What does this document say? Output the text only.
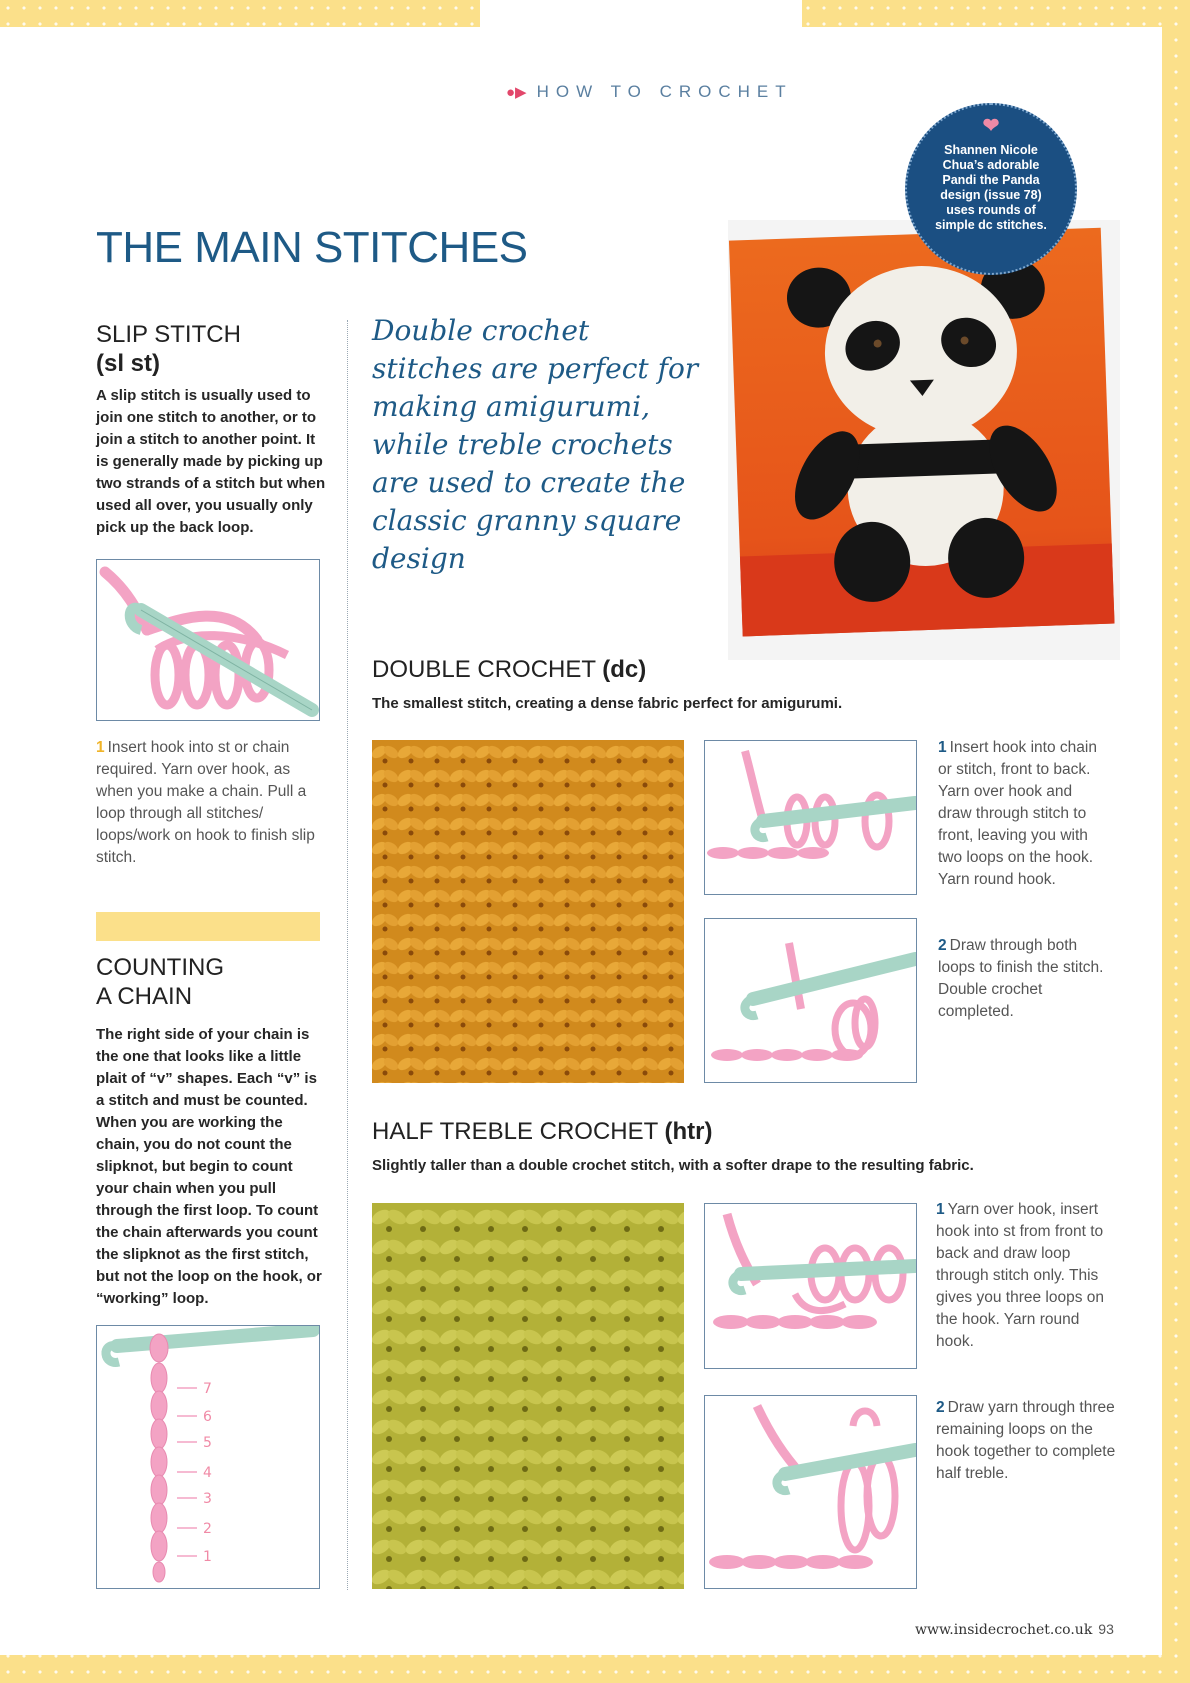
●▶ HOW TO CROCHET
THE MAIN STITCHES
SLIP STITCH
(sl st)

A slip stitch is usually used to join one stitch to another, or to join a stitch to another point. It is generally made by picking up two strands of a stitch but when used all over, you usually only pick up the back loop.

1 Insert hook into st or chain required. Yarn over hook, as when you make a chain. Pull a loop through all stitches/ loops/work on hook to finish slip stitch.

COUNTING
A CHAIN

The right side of your chain is the one that looks like a little plait of “v” shapes. Each “v” is a stitch and must be counted. When you are working the chain, you do not count the slipknot, but begin to count your chain when you pull through the first loop. To count the chain afterwards you count the slipknot as the first stitch, but not the loop on the hook, or “working” loop.

7
6
5
4
3
2
1

Double crochet stitches are perfect for making amigurumi, while treble crochets are used to create the classic granny square design

❤
Shannen Nicole Chua’s adorable Pandi the Panda design (issue 78) uses rounds of simple dc stitches.
DOUBLE CROCHET (dc)

The smallest stitch, creating a dense fabric perfect for amigurumi.

1 Insert hook into chain or stitch, front to back. Yarn over hook and draw through stitch to front, leaving you with two loops on the hook. Yarn round hook.

2 Draw through both loops to finish the stitch. Double crochet completed.

HALF TREBLE CROCHET (htr)

Slightly taller than a double crochet stitch, with a softer drape to the resulting fabric.

1 Yarn over hook, insert hook into st from front to back and draw loop through stitch only. This gives you three loops on the hook. Yarn round hook.

2 Draw yarn through three remaining loops on the hook together to complete half treble.

www.insidecrochet.co.uk 93
